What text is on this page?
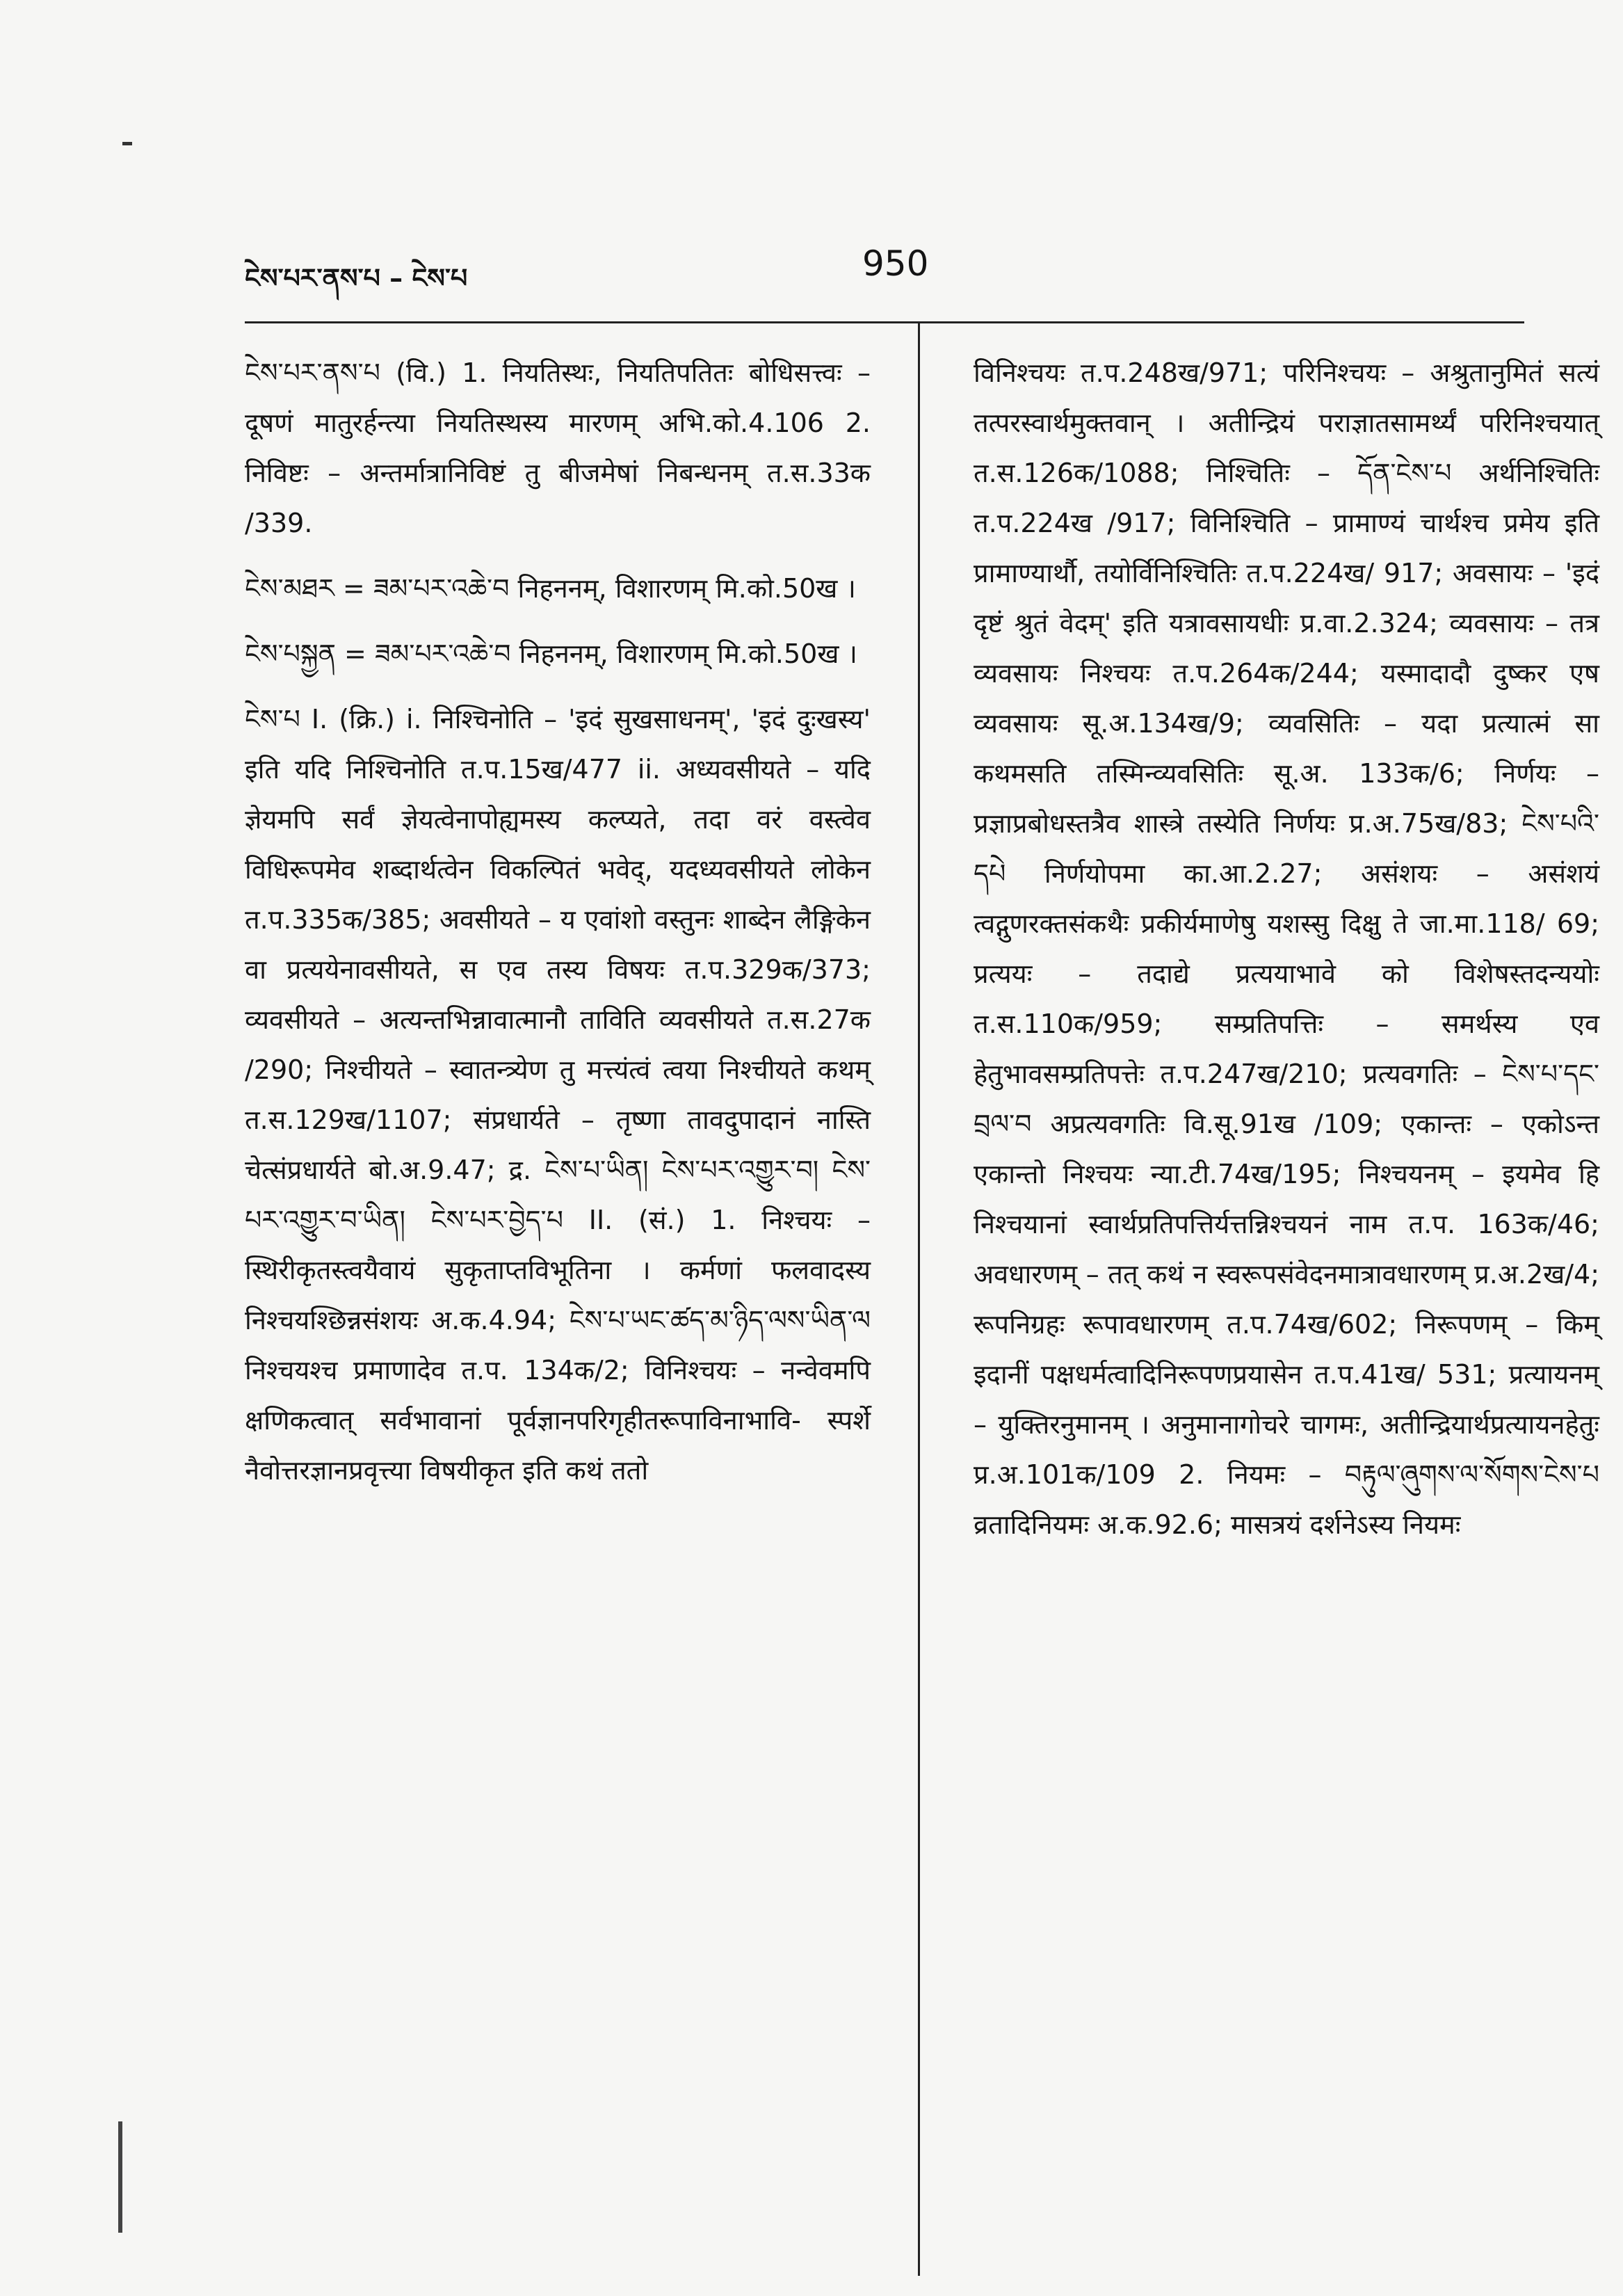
ངེས་པར་ནས་པ – ངེས་པ	950

ངེས་པར་ནས་པ (वि.) 1. नियतिस्थः, नियतिपतितः बोधिसत्त्वः – दूषणं मातुरर्हन्त्या नियतिस्थस्य मारणम् अभि.को.4.106 2. निविष्टः – अन्तर्मात्रानिविष्टं तु बीजमेषां निबन्धनम् त.स.33क /339.

ངེས་མཐར = ཟམ་པར་འཆེ་བ निहननम्, विशारणम् मि.को.50ख ।

ངེས་པསྐྱན = ཟམ་པར་འཆེ་བ निहननम्, विशारणम् मि.को.50ख ।

ངེས་པ I. (क्रि.) i. निश्चिनोति – 'इदं सुखसाधनम्', 'इदं दुःखस्य' इति यदि निश्चिनोति त.प.15ख/477 ii. अध्यवसीयते – यदि ज्ञेयमपि सर्वं ज्ञेयत्वेनापोह्यमस्य कल्प्यते, तदा वरं वस्त्वेव विधिरूपमेव शब्दार्थत्वेन विकल्पितं भवेद्, यदध्यवसीयते लोकेन त.प.335क/385; अवसीयते – य एवांशो वस्तुनः शाब्देन लैङ्गिकेन वा प्रत्ययेनावसीयते, स एव तस्य विषयः त.प.329क/373; व्यवसीयते – अत्यन्तभिन्नावात्मानौ ताविति व्यवसीयते त.स.27क /290; निश्चीयते – स्वातन्त्र्येण तु मत्त्यंत्वं त्वया निश्चीयते कथम् त.स.129ख/1107; संप्रधार्यते – तृष्णा तावदुपादानं नास्ति चेत्संप्रधार्यते बो.अ.9.47; द्र. ངེས་པ་ཡིན། ངེས་པར་འགྱུར་བ། ངེས་པར་འགྱུར་བ་ཡིན། ངེས་པར་བྱེད་པ II. (सं.) 1. निश्चयः – स्थिरीकृतस्त्वयैवायं सुकृताप्तविभूतिना । कर्मणां फलवादस्य निश्चयश्छिन्नसंशयः अ.क.4.94; ངེས་པ་ཡང་ཚད་མ་ཉིད་ལས་ཡིན་ལ निश्चयश्च प्रमाणादेव त.प. 134क/2; विनिश्चयः – नन्वेवमपि क्षणिकत्वात् सर्वभावानां पूर्वज्ञानपरिगृहीतरूपाविनाभावि- स्पर्शे नैवोत्तरज्ञानप्रवृत्त्या विषयीकृत इति कथं ततो

विनिश्चयः त.प.248ख/971; परिनिश्चयः – अश्रुतानुमितं सत्यं तत्परस्वार्थमुक्तवान् । अतीन्द्रियं पराज्ञातसामर्थ्यं परिनिश्चयात् त.स.126क/1088; निश्चितिः – དོན་ངེས་པ अर्थनिश्चितिः त.प.224ख /917; विनिश्चिति – प्रामाण्यं चार्थश्च प्रमेय इति प्रामाण्यार्थौ, तयोर्विनिश्चितिः त.प.224ख/ 917; अवसायः – 'इदं दृष्टं श्रुतं वेदम्' इति यत्रावसायधीः प्र.वा.2.324; व्यवसायः – तत्र व्यवसायः निश्चयः त.प.264क/244; यस्मादादौ दुष्कर एष व्यवसायः सू.अ.134ख/9; व्यवसितिः – यदा प्रत्यात्मं सा कथमसति तस्मिन्व्यवसितिः सू.अ. 133क/6; निर्णयः – प्रज्ञाप्रबोधस्तत्रैव शास्त्रे तस्येति निर्णयः प्र.अ.75ख/83; ངེས་པའི་དཔེ निर्णयोपमा का.आ.2.27; असंशयः – असंशयं त्वद्गुणरक्तसंकथैः प्रकीर्यमाणेषु यशस्सु दिक्षु ते जा.मा.118/ 69; प्रत्ययः – तदाद्ये प्रत्ययाभावे को विशेषस्तदन्ययोः त.स.110क/959; सम्प्रतिपत्तिः – समर्थस्य एव हेतुभावसम्प्रतिपत्तेः त.प.247ख/210; प्रत्यवगतिः – ངེས་པ་དང་བྲལ་བ अप्रत्यवगतिः वि.सू.91ख /109; एकान्तः – एकोऽन्त एकान्तो निश्चयः न्या.टी.74ख/195; निश्चयनम् – इयमेव हि निश्चयानां स्वार्थप्रतिपत्तिर्यत्तन्निश्चयनं नाम त.प. 163क/46; अवधारणम् – तत् कथं न स्वरूपसंवेदनमात्रावधारणम् प्र.अ.2ख/4; रूपनिग्रहः रूपावधारणम् त.प.74ख/602; निरूपणम् – किम् इदानीं पक्षधर्मत्वादिनिरूपणप्रयासेन त.प.41ख/ 531; प्रत्यायनम् – युक्तिरनुमानम् । अनुमानागोचरे चागमः, अतीन्द्रियार्थप्रत्यायनहेतुः प्र.अ.101क/109 2. नियमः – བརྟུལ་ཞུགས་ལ་སོགས་ངེས་པ व्रतादिनियमः अ.क.92.6; मासत्रयं दर्शनेऽस्य नियमः
